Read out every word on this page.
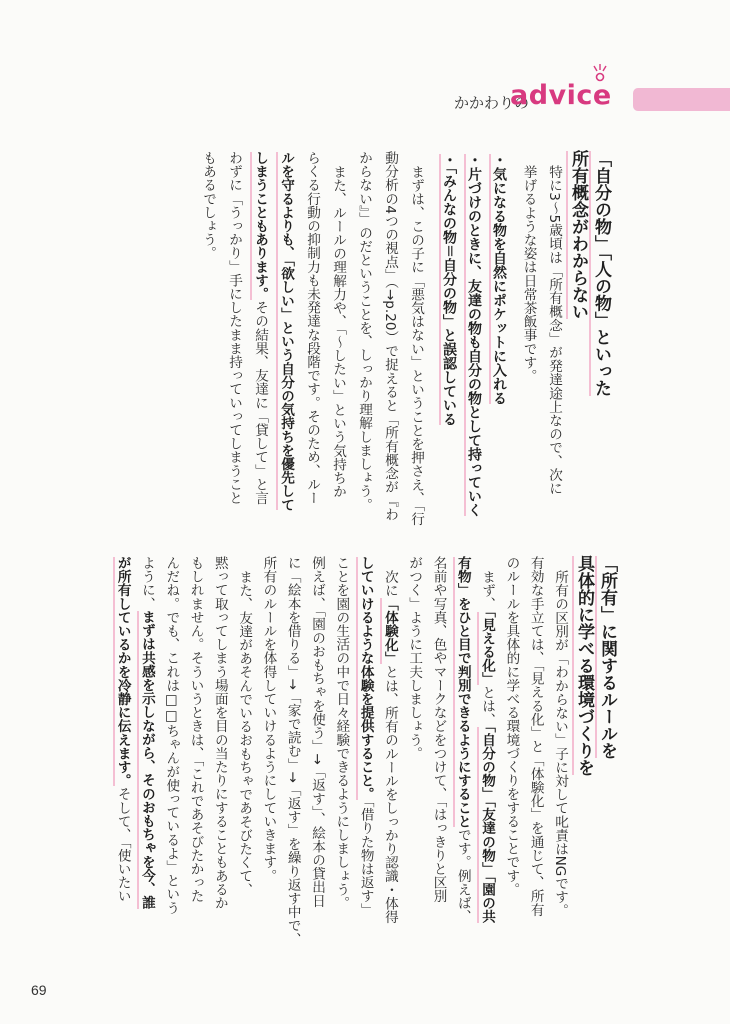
かかわりの
advice

「自分の物」「人の物」といった

所有概念がわからない

特に3～5歳頃は「所有概念」が発達途上なので、次に

挙げるような姿は日常茶飯事です。

・気になる物を自然にポケットに入れる

・片づけのときに、友達の物も自分の物として持っていく

・「みんなの物＝自分の物」と誤認している

まずは、この子に「悪気はない」ということを押さえ、「行

動分析の4つの視点」（→p.20）で捉えると「所有概念が『わ

からない』」のだということを、しっかり理解しましょう。

また、ルールの理解力や、「～したい」という気持ちか

らくる行動の抑制力も未発達な段階です。そのため、ルー

ルを守るよりも、「欲しい」という自分の気持ちを優先して

しまうこともあります。その結果、友達に「貸して」と言

わずに「うっかり」手にしたまま持っていってしまうこと

もあるでしょう。

「所有」に関するルールを

具体的に学べる環境づくりを

所有の区別が「わからない」子に対して叱責はNGです。

有効な手立ては、「見える化」と「体験化」を通じて、所有

のルールを具体的に学べる環境づくりをすることです。

まず、「見える化」とは、「自分の物」「友達の物」「園の共

有物」をひと目で判別できるようにすることです。例えば、

名前や写真、色やマークなどをつけて、「はっきりと区別

がつく」ように工夫しましょう。

次に「体験化」とは、所有のルールをしっかり認識・体得

していけるような体験を提供すること。「借りた物は返す」

ことを園の生活の中で日々経験できるようにしましょう。

例えば、「園のおもちゃを使う」→「返す」、絵本の貸出日

に「絵本を借りる」→「家で読む」→「返す」を繰り返す中で、

所有のルールを体得していけるようにしていきます。

また、友達があそんでいるおもちゃであそびたくて、

黙って取ってしまう場面を目の当たりにすることもあるか

もしれません。そういうときは、「これであそびたかった

んだね。でも、これは□□ちゃんが使っているよ」という

ように、まずは共感を示しながら、そのおもちゃを今、誰

が所有しているかを冷静に伝えます。そして、「使いたい

69
